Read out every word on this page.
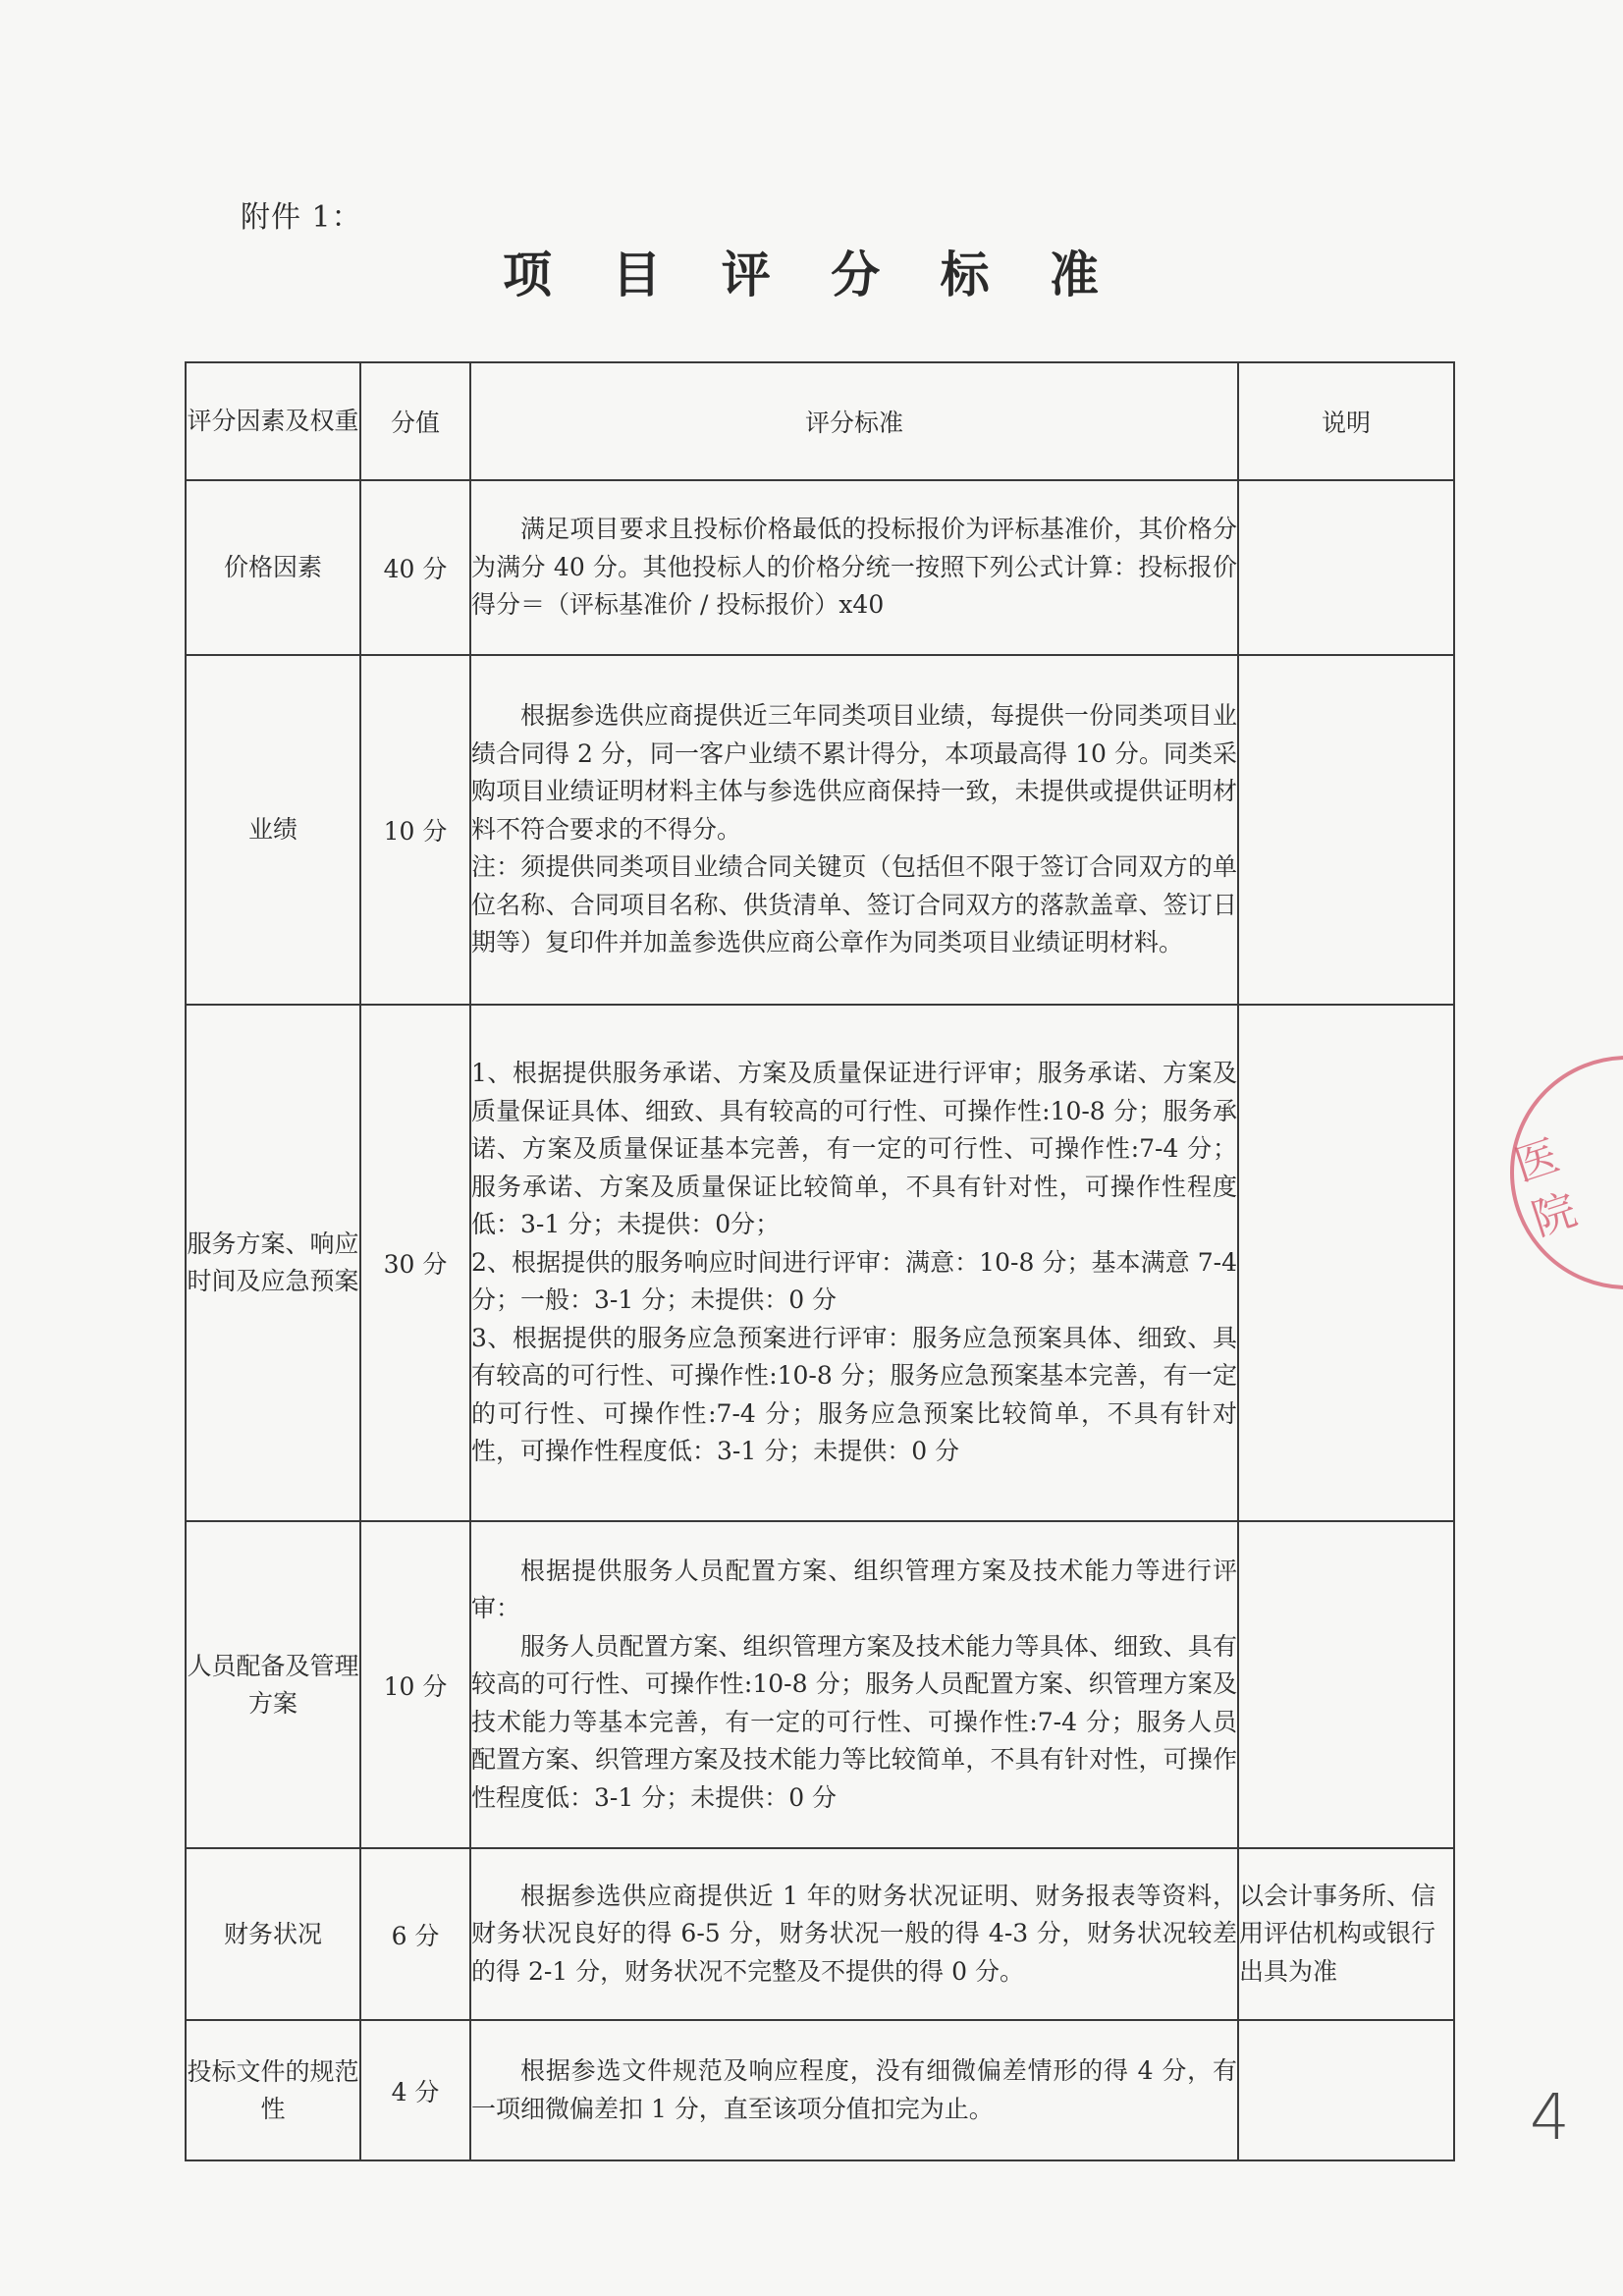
附件 1：
项 目 评 分 标 准
评分因素及权重	分值	评分标准	说明
价格因素	40 分	满足项目要求且投标价格最低的投标报价为评标基准价，其价格分为满分 40 分。其他投标人的价格分统一按照下列公式计算：投标报价得分＝（评标基准价 / 投标报价）x40	

业绩	10 分	根据参选供应商提供近三年同类项目业绩，每提供一份同类项目业绩合同得 2 分，同一客户业绩不累计得分，本项最高得 10 分。同类采购项目业绩证明材料主体与参选供应商保持一致，未提供或提供证明材料不符合要求的不得分。

注：须提供同类项目业绩合同关键页（包括但不限于签订合同双方的单位名称、合同项目名称、供货清单、签订合同双方的落款盖章、签订日期等）复印件并加盖参选供应商公章作为同类项目业绩证明材料。	

服务方案、响应时间及应急预案	30 分	1、根据提供服务承诺、方案及质量保证进行评审；服务承诺、方案及质量保证具体、细致、具有较高的可行性、可操作性:10-8 分；服务承诺、方案及质量保证基本完善，有一定的可行性、可操作性:7-4 分；服务承诺、方案及质量保证比较简单，不具有针对性，可操作性程度低：3-1 分；未提供：0分；

2、根据提供的服务响应时间进行评审：满意：10-8 分；基本满意 7-4 分；一般：3-1 分；未提供：0 分

3、根据提供的服务应急预案进行评审：服务应急预案具体、细致、具有较高的可行性、可操作性:10-8 分；服务应急预案基本完善，有一定的可行性、可操作性:7-4 分；服务应急预案比较简单，不具有针对性，可操作性程度低：3-1 分；未提供：0 分	

人员配备及管理方案	10 分	根据提供服务人员配置方案、组织管理方案及技术能力等进行评审：

服务人员配置方案、组织管理方案及技术能力等具体、细致、具有较高的可行性、可操作性:10-8 分；服务人员配置方案、织管理方案及技术能力等基本完善，有一定的可行性、可操作性:7-4 分；服务人员配置方案、织管理方案及技术能力等比较简单，不具有针对性，可操作性程度低：3-1 分；未提供：0 分	

财务状况	6 分	根据参选供应商提供近 1 年的财务状况证明、财务报表等资料，财务状况良好的得 6-5 分，财务状况一般的得 4-3 分，财务状况较差的得 2-1 分，财务状况不完整及不提供的得 0 分。	以会计事务所、信用评估机构或银行出具为准
投标文件的规范性	4 分	根据参选文件规范及响应程度，没有细微偏差情形的得 4 分，有一项细微偏差扣 1 分，直至该项分值扣完为止。	

医院
4
